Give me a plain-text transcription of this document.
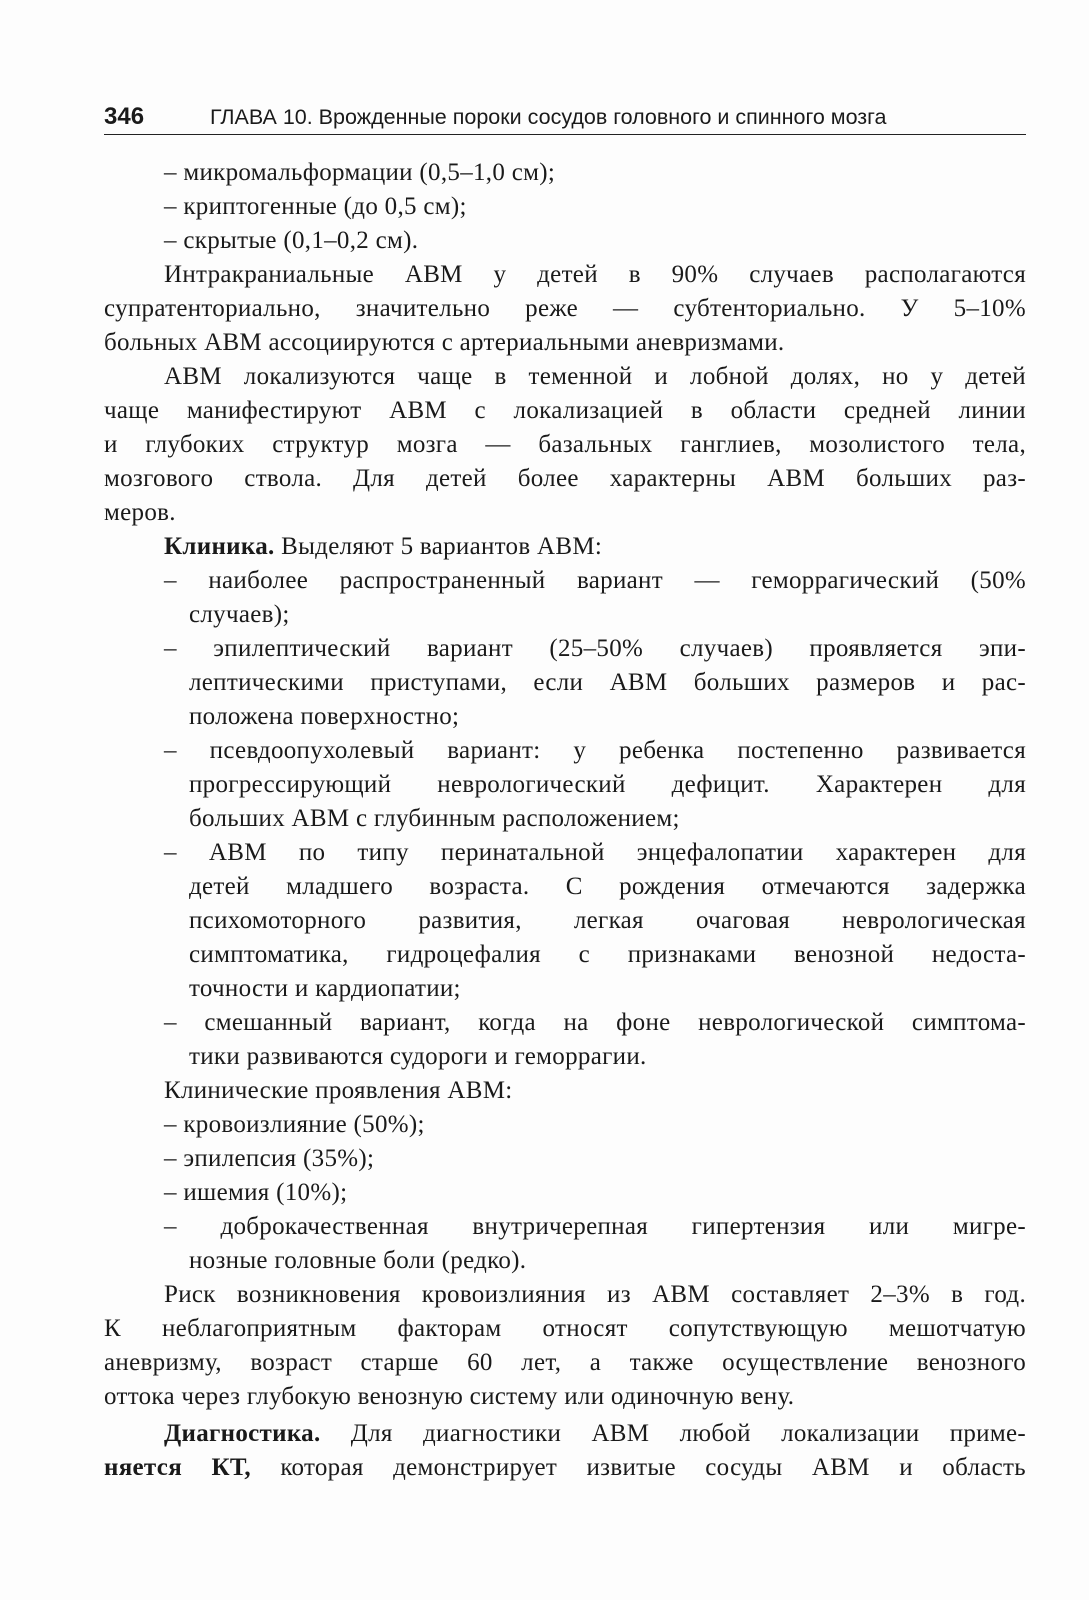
346	ГЛАВА 10. Врожденные пороки сосудов головного и спинного мозга
– микромальформации (0,5–1,0 см);
– криптогенные (до 0,5 см);
– скрытые (0,1–0,2 см).
Интракраниальные АВМ у детей в 90% случаев располагаются
супратенториально, значительно реже — субтенториально. У 5–10%
больных АВМ ассоциируются с артериальными аневризмами.
АВМ локализуются чаще в теменной и лобной долях, но у детей
чаще манифестируют АВМ с локализацией в области средней линии
и глубоких структур мозга — базальных ганглиев, мозолистого тела,
мозгового ствола. Для детей более характерны АВМ больших раз-
меров.
Клиника. Выделяют 5 вариантов АВМ:
– наиболее распространенный вариант — геморрагический (50%
случаев);
– эпилептический вариант (25–50% случаев) проявляется эпи-
лептическими приступами, если АВМ больших размеров и рас-
положена поверхностно;
– псевдоопухолевый вариант: у ребенка постепенно развивается
прогрессирующий неврологический дефицит. Характерен для
больших АВМ с глубинным расположением;
– АВМ по типу перинатальной энцефалопатии характерен для
детей младшего возраста. С рождения отмечаются задержка
психомоторного развития, легкая очаговая неврологическая
симптоматика, гидроцефалия с признаками венозной недоста-
точности и кардиопатии;
– смешанный вариант, когда на фоне неврологической симптома-
тики развиваются судороги и геморрагии.
Клинические проявления АВМ:
– кровоизлияние (50%);
– эпилепсия (35%);
– ишемия (10%);
– доброкачественная внутричерепная гипертензия или мигре-
нозные головные боли (редко).
Риск возникновения кровоизлияния из АВМ составляет 2–3% в год.
К неблагоприятным факторам относят сопутствующую мешотчатую
аневризму, возраст старше 60 лет, а также осуществление венозного
оттока через глубокую венозную систему или одиночную вену.
Диагностика. Для диагностики АВМ любой локализации приме-
няется КТ, которая демонстрирует извитые сосуды АВМ и область
